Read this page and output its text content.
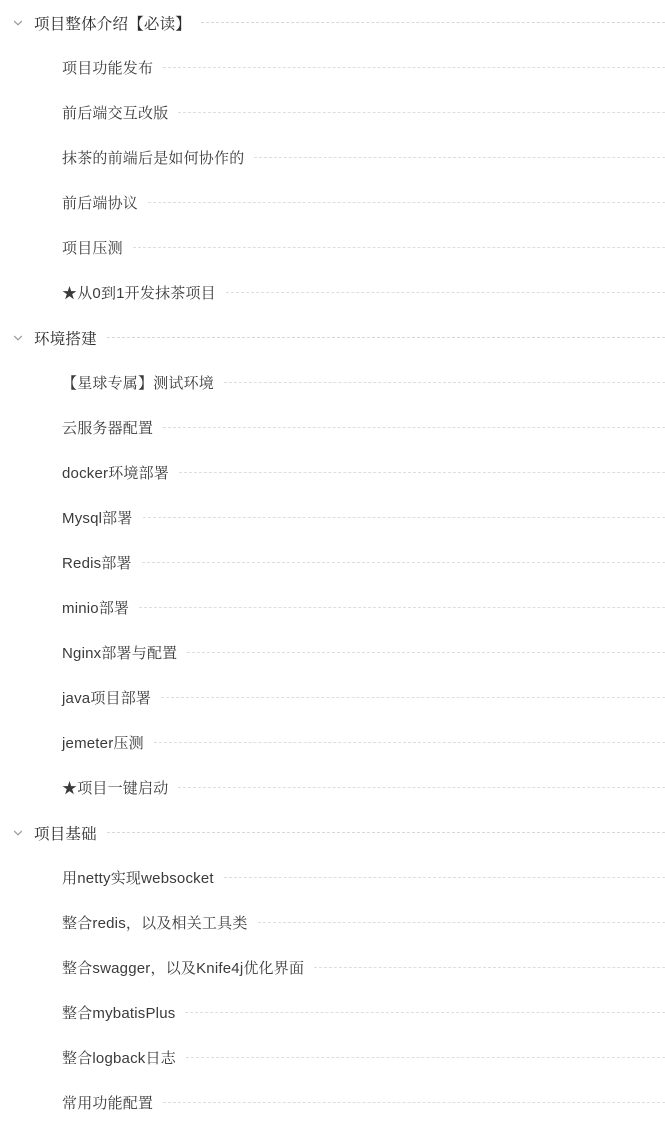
项目整体介绍【必读】
项目功能发布
前后端交互改版
抹茶的前端后是如何协作的
前后端协议
项目压测
★从0到1开发抹茶项目
环境搭建
【星球专属】测试环境
云服务器配置
docker环境部署
Mysql部署
Redis部署
minio部署
Nginx部署与配置
java项目部署
jemeter压测
★项目一键启动
项目基础
用netty实现websocket
整合redis，以及相关工具类
整合swagger，以及Knife4j优化界面
整合mybatisPlus
整合logback日志
常用功能配置
